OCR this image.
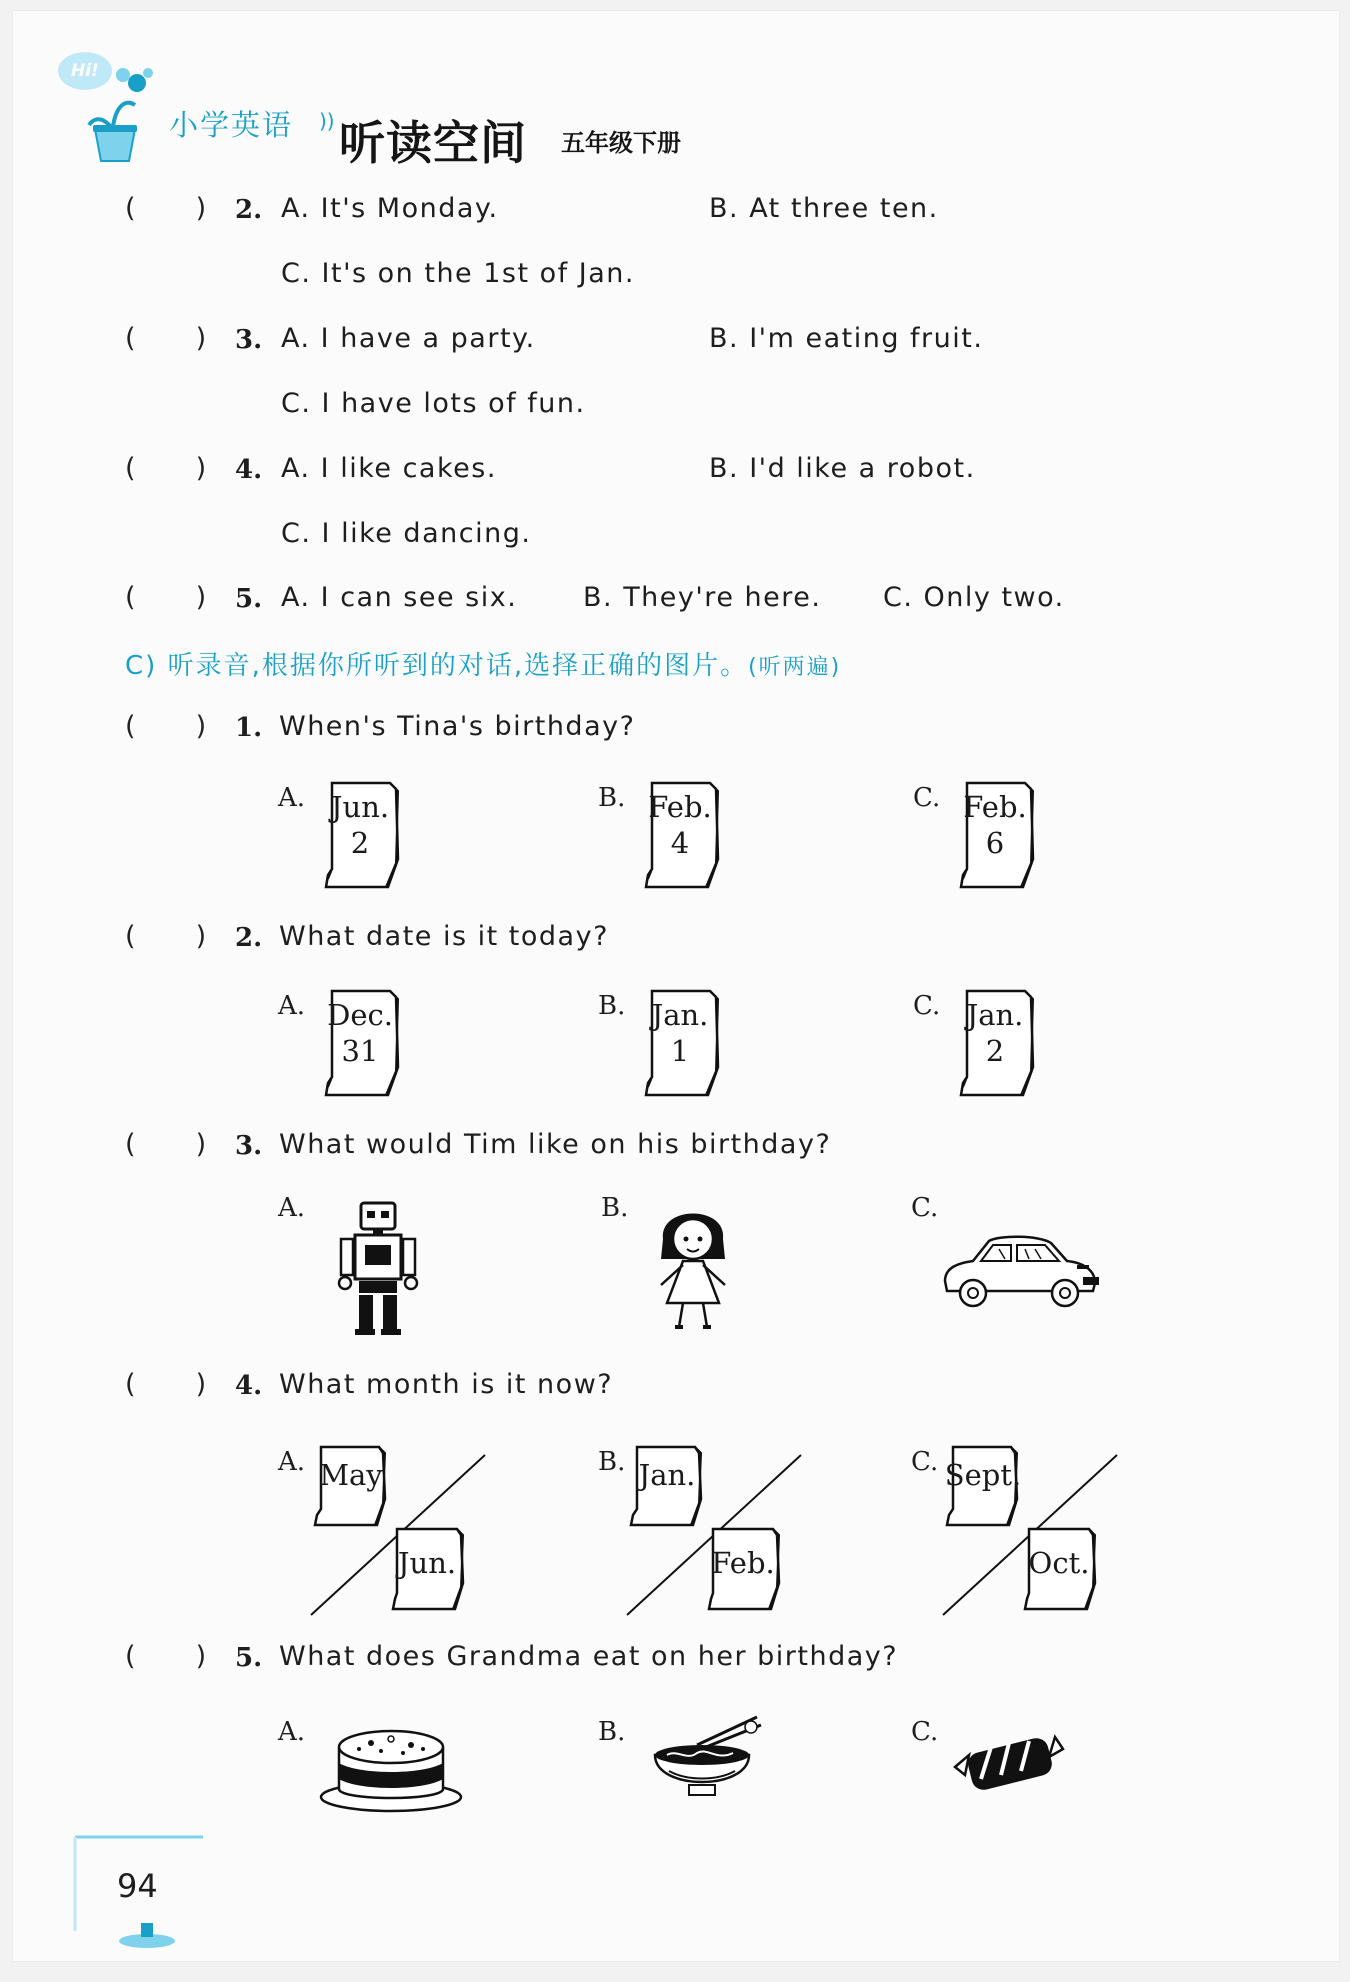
Hi!
小学英语 )) 听读空间 五年级下册
(       ) 2. A. It's Monday.	B. At three ten.
C. It's on the 1st of Jan.
(       ) 3. A. I have a party.	B. I'm eating fruit.
C. I have lots of fun.
(       ) 4. A. I like cakes.	B. I'd like a robot.
C. I like dancing.
(       ) 5. A. I can see six. B. They're here. C. Only two.
C) 听录音,根据你所听到的对话,选择正确的图片。(听两遍)
(       ) 1. When's Tina's birthday?
A. Jun.
2
B. Feb.
4
C. Feb.
6
(       ) 2. What date is it today?
A. Dec.
31
B. Jan.
1
C. Jan.
2
(       ) 3. What would Tim like on his birthday?
A.	B.	C.
(       ) 4. What month is it now?
A. May
Jun.
B. Jan.
Feb.
C. Sept.
Oct.
(       ) 5. What does Grandma eat on her birthday?
A.	B.	C.
94
